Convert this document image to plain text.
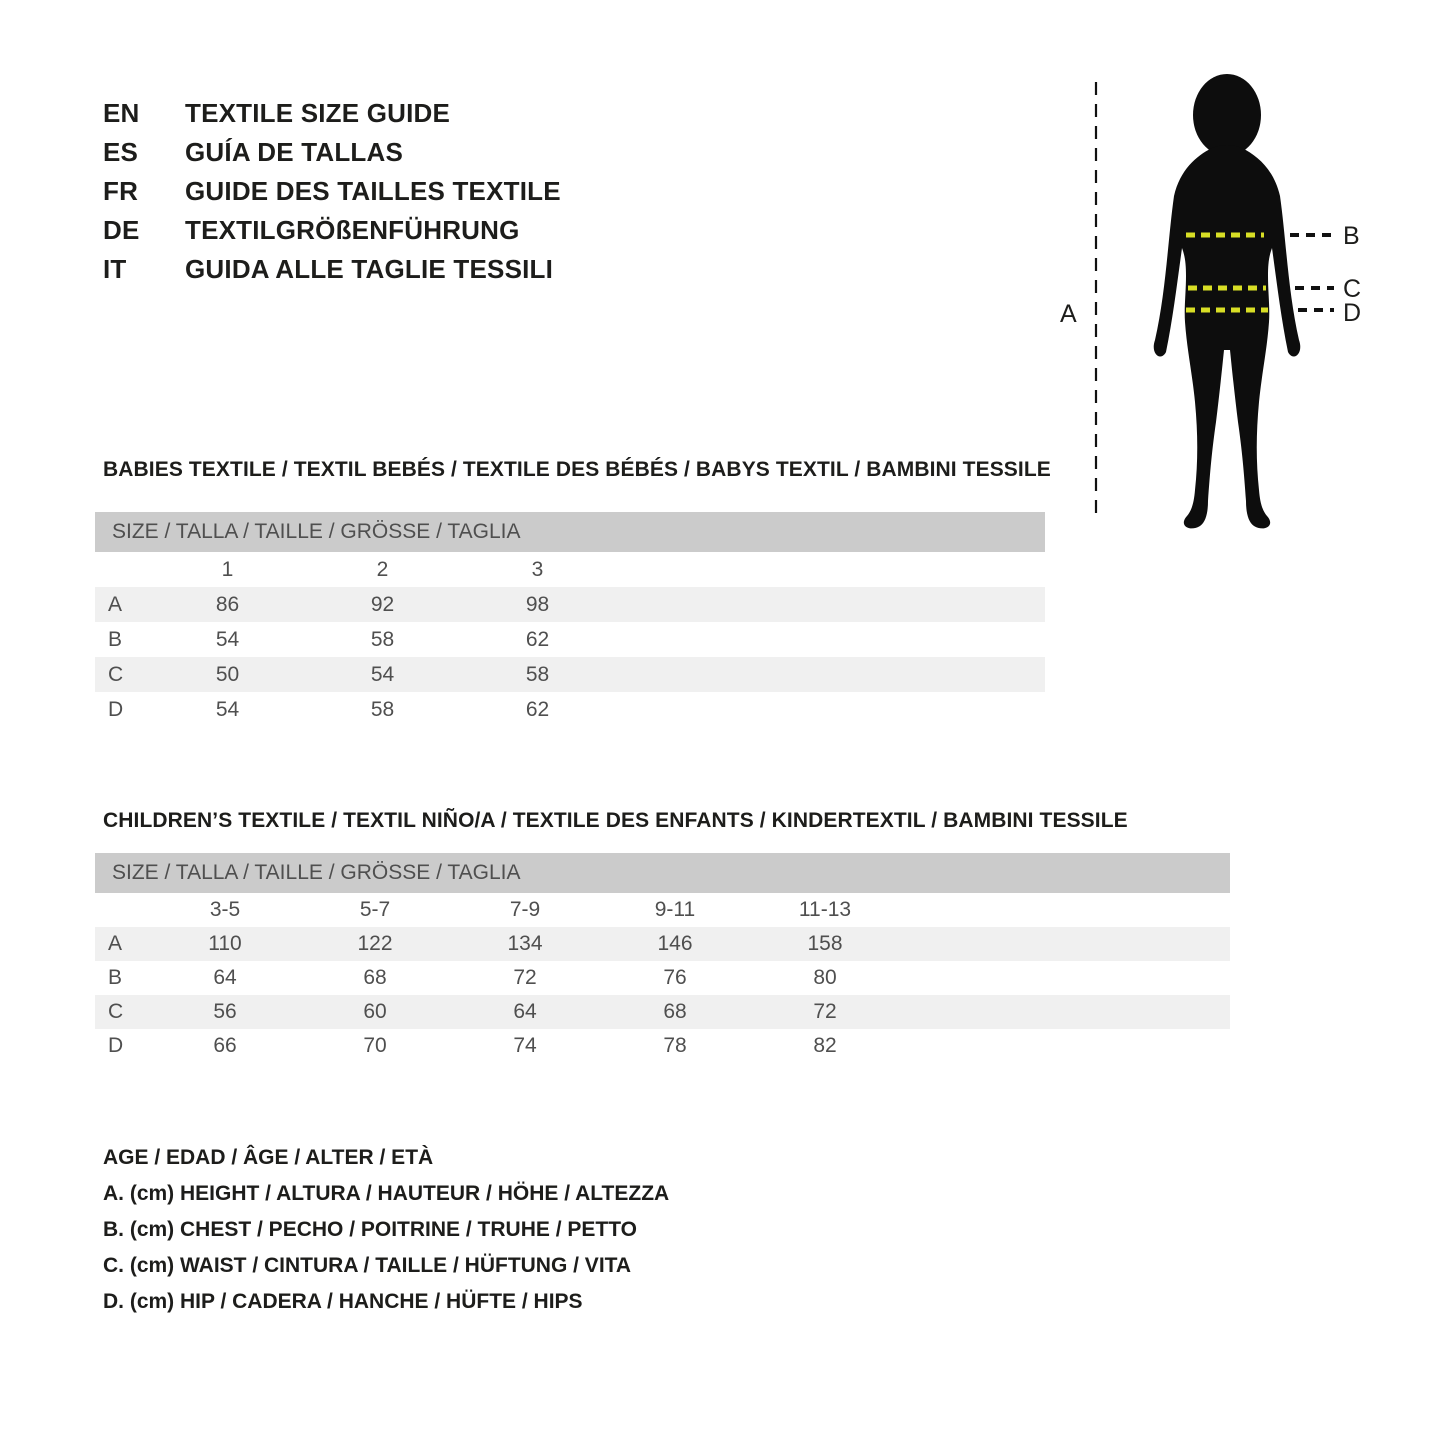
EN	TEXTILE SIZE GUIDE
ES	GUÍA DE TALLAS
FR	GUIDE DES TAILLES TEXTILE
DE	TEXTILGRÖßENFÜHRUNG
IT	GUIDA ALLE TAGLIE TESSILI
A
B
C
D
BABIES TEXTILE / TEXTIL BEBÉS / TEXTILE DES BÉBÉS / BABYS TEXTIL / BAMBINI TESSILE
SIZE / TALLA / TAILLE / GRÖSSE / TAGLIA
1	2	3
A	86	92	98
B	54	58	62
C	50	54	58
D	54	58	62
CHILDREN’S TEXTILE / TEXTIL NIÑO/A / TEXTILE DES ENFANTS / KINDERTEXTIL / BAMBINI TESSILE
SIZE / TALLA / TAILLE / GRÖSSE / TAGLIA
3-5	5-7	7-9	9-11	11-13
A	110	122	134	146	158
B	64	68	72	76	80
C	56	60	64	68	72
D	66	70	74	78	82
AGE / EDAD / ÂGE / ALTER / ETÀ
A. (cm) HEIGHT / ALTURA / HAUTEUR / HÖHE / ALTEZZA
B. (cm) CHEST / PECHO / POITRINE / TRUHE / PETTO
C. (cm) WAIST / CINTURA / TAILLE / HÜFTUNG / VITA
D. (cm) HIP / CADERA / HANCHE / HÜFTE / HIPS
